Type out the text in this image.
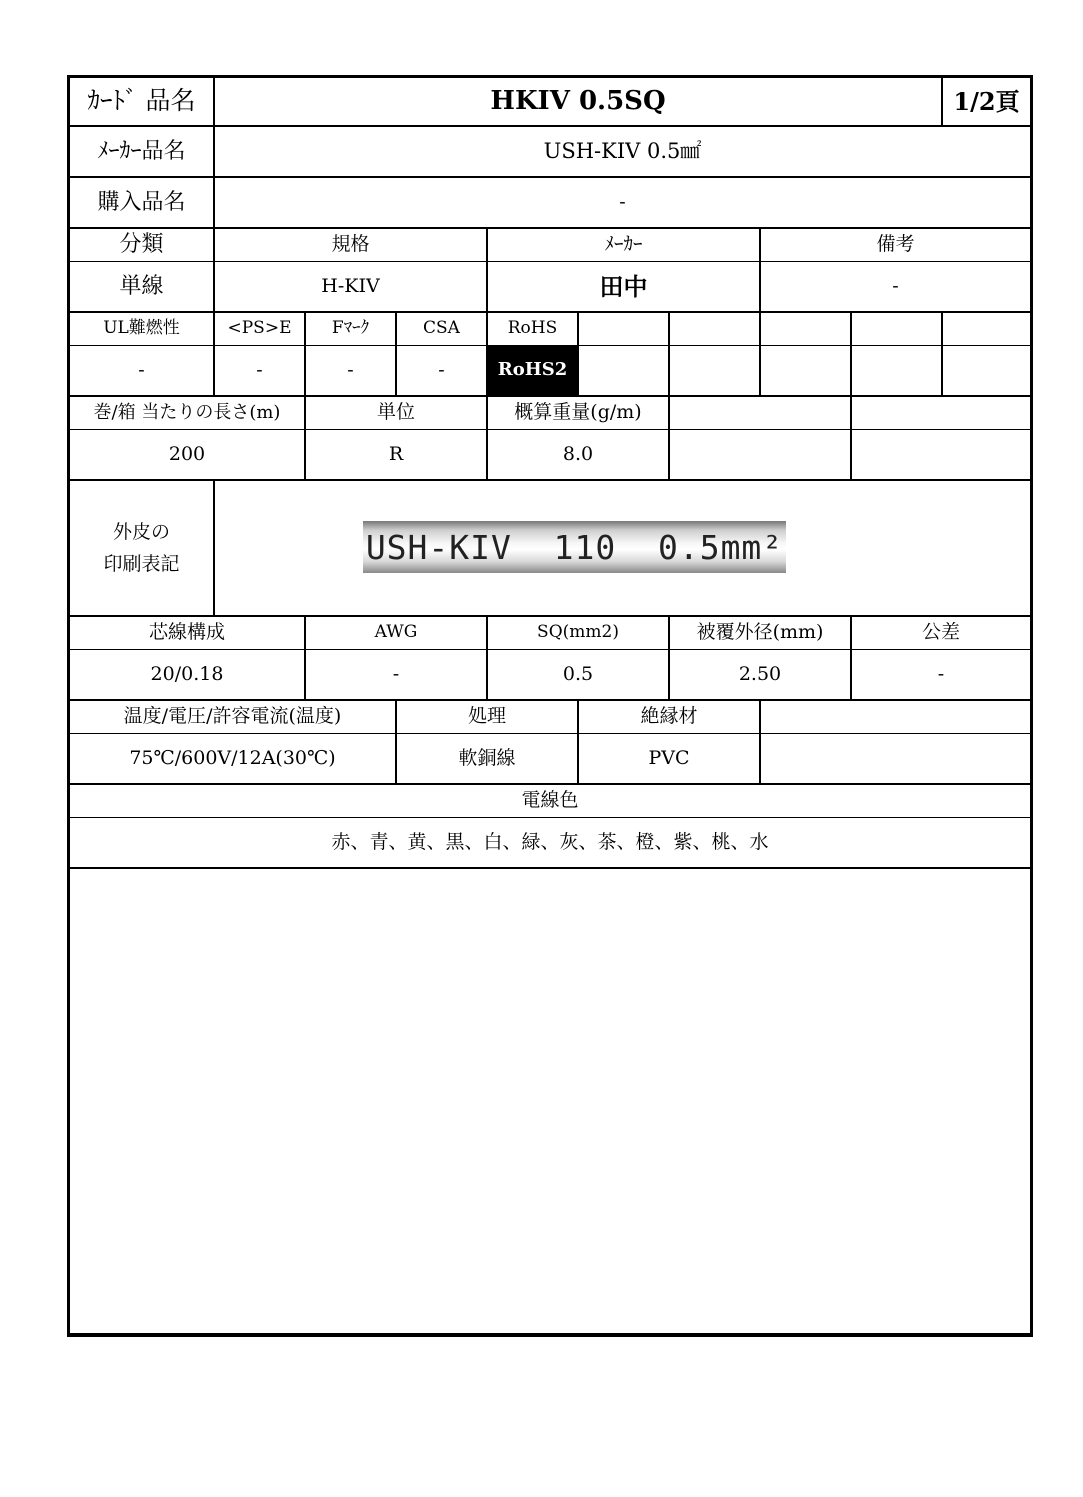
ｶｰﾄﾞ 品名	HKIV 0.5SQ	1/2頁
ﾒｰｶｰ品名	USH-KIV 0.5㎟
購入品名	-
分類	規格	ﾒｰｶｰ	備考
単線	H-KIV	田中	-
UL難燃性	<PS>E	Fﾏｰｸ	CSA	RoHS
-	-	-	-	RoHS2
巻/箱 当たりの長さ(m)	単位	概算重量(g/m)
200	R	8.0
外皮の
印刷表記	USH-KIV  110  0.5mm²
芯線構成	AWG	SQ(mm2)	被覆外径(mm)	公差
20/0.18	-	0.5	2.50	-
温度/電圧/許容電流(温度)	処理	絶縁材
75℃/600V/12A(30℃)	軟銅線	PVC
電線色
赤、青、黄、黒、白、緑、灰、茶、橙、紫、桃、水
